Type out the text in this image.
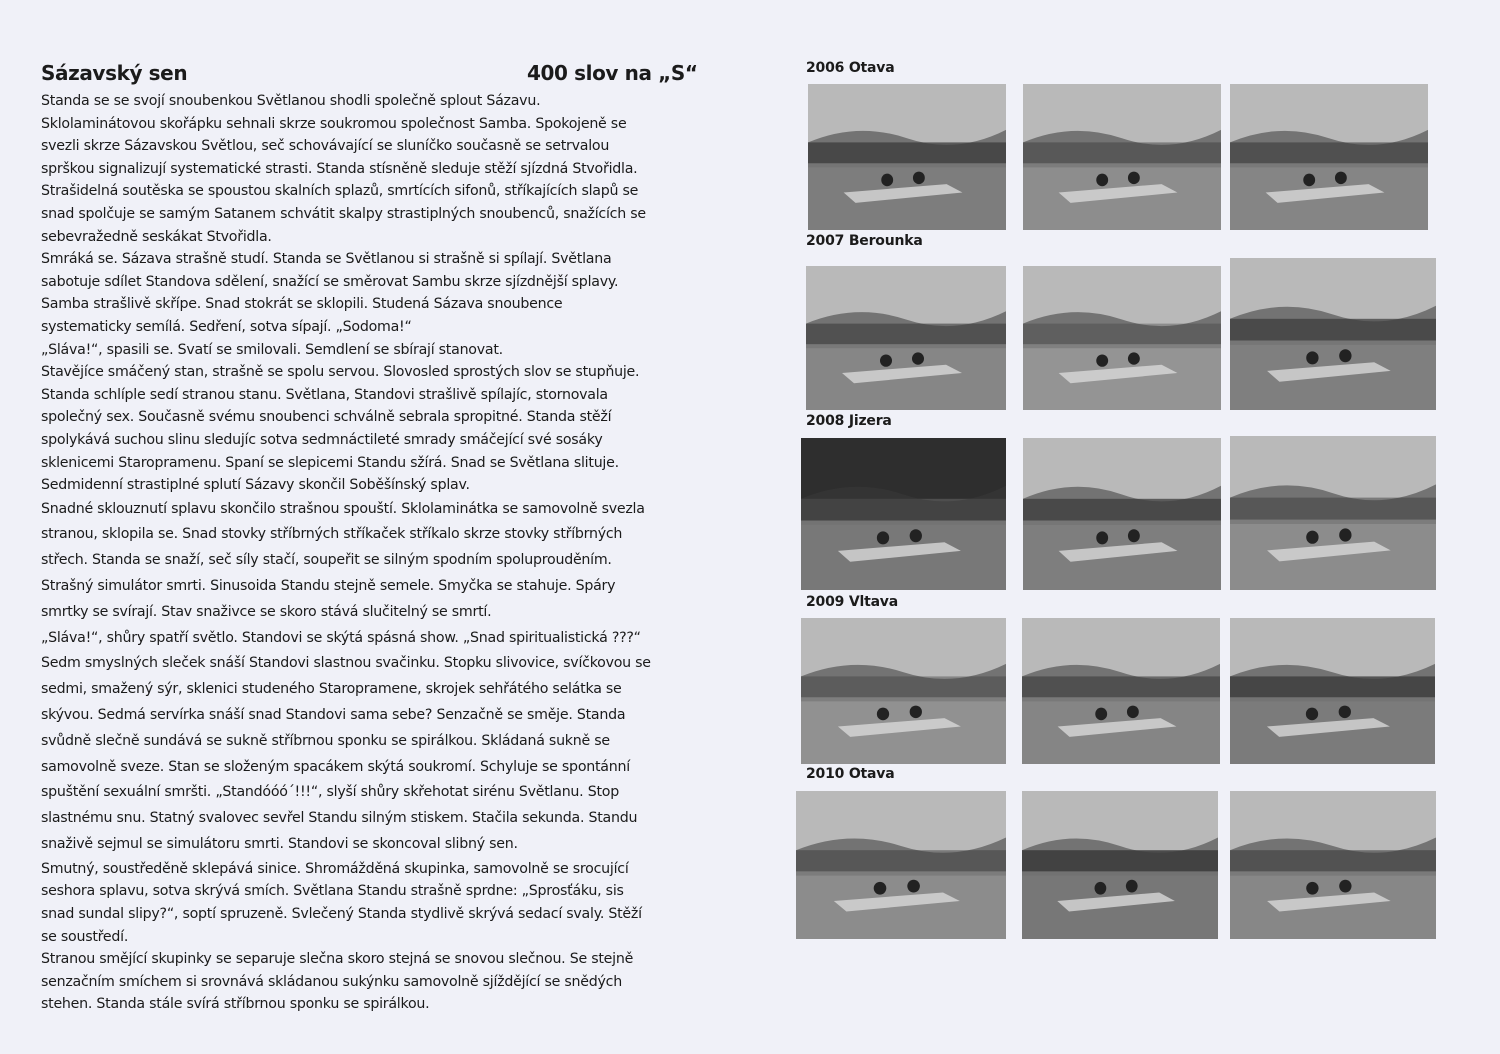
Sázavský sen	400 slov na „S“
Standa se se svojí snoubenkou Světlanou shodli společně splout Sázavu.
Sklolaminátovou skořápku sehnali skrze soukromou společnost Samba. Spokojeně se
svezli skrze Sázavskou Světlou, seč schovávající se sluníčko současně se setrvalou
sprškou signalizují systematické strasti. Standa stísněně sleduje stěží sjízdná Stvořidla.
Strašidelná soutěska se spoustou skalních splazů, smrtících sifonů, stříkajících slapů se
snad spolčuje se samým Satanem schvátit skalpy strastiplných snoubenců, snažících se
sebevražedně seskákat Stvořidla.
Smráká se. Sázava strašně studí. Standa se Světlanou si strašně si spílají. Světlana
sabotuje sdílet Standova sdělení, snažící se směrovat Sambu skrze sjízdnější splavy.
Samba strašlivě skřípe. Snad stokrát se sklopili. Studená Sázava snoubence
systematicky semílá. Sedření, sotva sípají. „Sodoma!“
„Sláva!“, spasili se. Svatí se smilovali. Semdlení se sbírají stanovat.
Stavějíce smáčený stan, strašně se spolu servou. Slovosled sprostých slov se stupňuje.
Standa schlíple sedí stranou stanu. Světlana, Standovi strašlivě spílajíc, stornovala
společný sex. Současně svému snoubenci schválně sebrala spropitné. Standa stěží
spolykává suchou slinu sledujíc sotva sedmnáctileté smrady smáčející své sosáky
sklenicemi Staropramenu. Spaní se slepicemi Standu sžírá. Snad se Světlana slituje.
Sedmidenní strastiplné splutí Sázavy skončil Soběšínský splav.
Snadné sklouznutí splavu skončilo strašnou spouští. Sklolaminátka se samovolně svezla
stranou, sklopila se. Snad stovky stříbrných stříkaček stříkalo skrze stovky stříbrných
střech. Standa se snaží, seč síly stačí, soupeřit se silným spodním spoluprouděním.
Strašný simulátor smrti. Sinusoida Standu stejně semele. Smyčka se stahuje. Spáry
smrtky se svírají. Stav snaživce se skoro stává slučitelný se smrtí.
„Sláva!“, shůry spatří světlo. Standovi se skýtá spásná show. „Snad spiritualistická ???“
Sedm smyslných sleček snáší Standovi slastnou svačinku. Stopku slivovice, svíčkovou se
sedmi, smažený sýr, sklenici studeného Staropramene, skrojek sehřátého selátka se
skývou. Sedmá servírka snáší snad Standovi sama sebe? Senzačně se směje. Standa
svůdně slečně sundává se sukně stříbrnou sponku se spirálkou. Skládaná sukně se
samovolně sveze. Stan se složeným spacákem skýtá soukromí. Schyluje se spontánní
spuštění sexuální smršti. „Standóóó´!!!“, slyší shůry skřehotat sirénu Světlanu. Stop
slastnému snu. Statný svalovec sevřel Standu silným stiskem. Stačila sekunda. Standu
snaživě sejmul se simulátoru smrti. Standovi se skoncoval slibný sen.
Smutný, soustředěně sklepává sinice. Shromážděná skupinka, samovolně se srocující
seshora splavu, sotva skrývá smích. Světlana Standu strašně sprdne: „Sprosťáku, sis
snad sundal slipy?“, soptí spruzeně. Svlečený Standa stydlivě skrývá sedací svaly. Stěží
se soustředí.
Stranou smějící skupinky se separuje slečna skoro stejná se snovou slečnou. Se stejně
senzačním smíchem si srovnává skládanou sukýnku samovolně sjíždějící se snědých
stehen. Standa stále svírá stříbrnou sponku se spirálkou.
2006 Otava
2007 Berounka
2008 Jizera
2009 Vltava
2010 Otava
